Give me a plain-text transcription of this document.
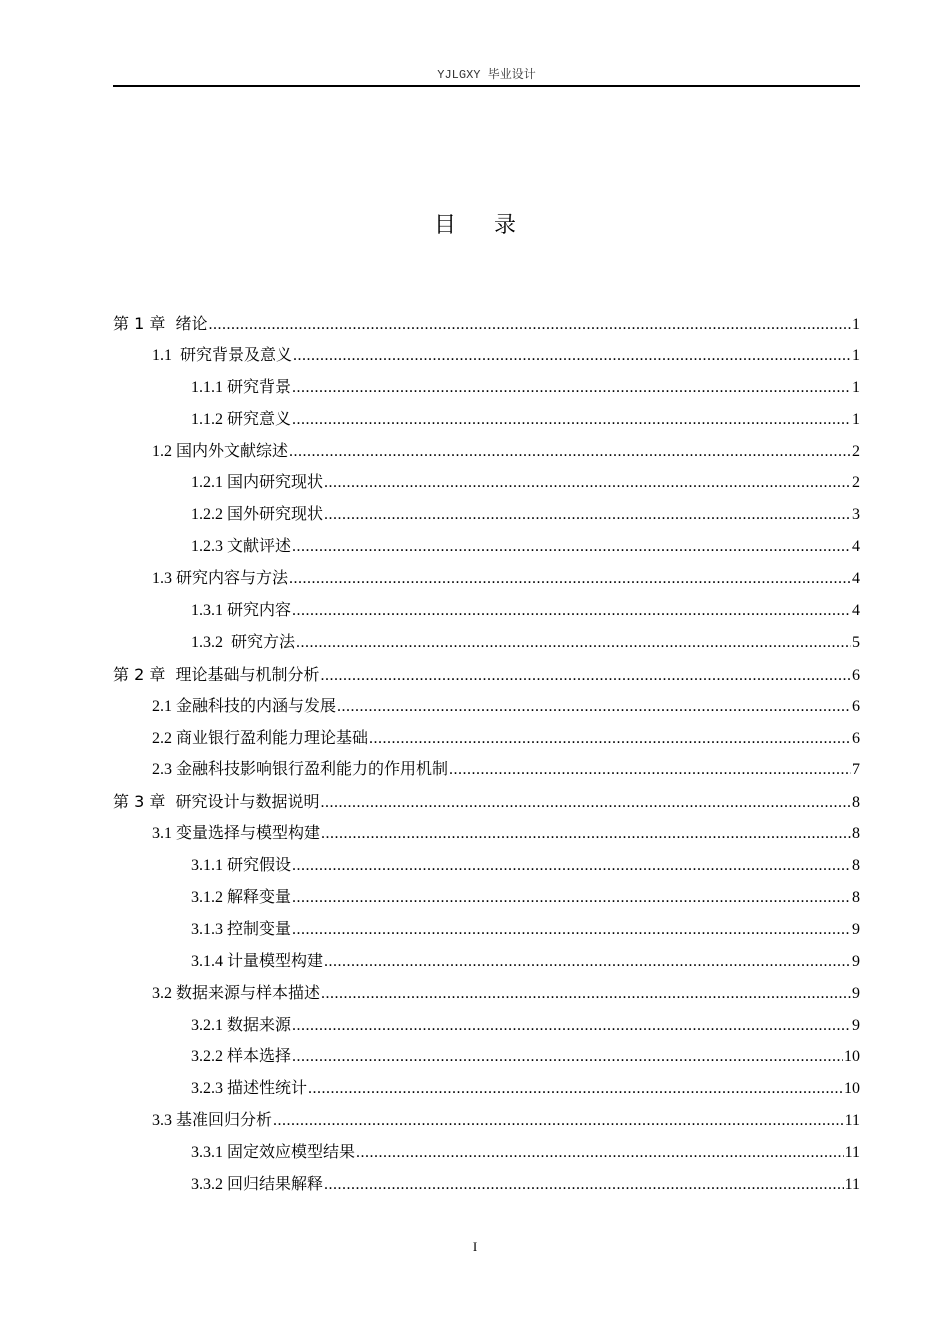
YJLGXY 毕业设计
目录
第 1 章  绪论 .....	1
1.1  研究背景及意义 .....	1
1.1.1 研究背景 .....	1
1.1.2 研究意义 .....	1
1.2 国内外文献综述 .....	2
1.2.1 国内研究现状 .....	2
1.2.2 国外研究现状 .....	3
1.2.3 文献评述 .....	4
1.3 研究内容与方法 .....	4
1.3.1 研究内容 .....	4
1.3.2  研究方法 .....	5
第 2 章  理论基础与机制分析 .....	6
2.1 金融科技的内涵与发展 .....	6
2.2 商业银行盈利能力理论基础 .....	6
2.3 金融科技影响银行盈利能力的作用机制 .....	7
第 3 章  研究设计与数据说明 .....	8
3.1 变量选择与模型构建 .....	8
3.1.1 研究假设 .....	8
3.1.2 解释变量 .....	8
3.1.3 控制变量 .....	9
3.1.4 计量模型构建 .....	9
3.2 数据来源与样本描述 .....	9
3.2.1 数据来源 .....	9
3.2.2 样本选择 .....	10
3.2.3 描述性统计 .....	10
3.3 基准回归分析 .....	11
3.3.1 固定效应模型结果 .....	11
3.3.2 回归结果解释 .....	11
I
